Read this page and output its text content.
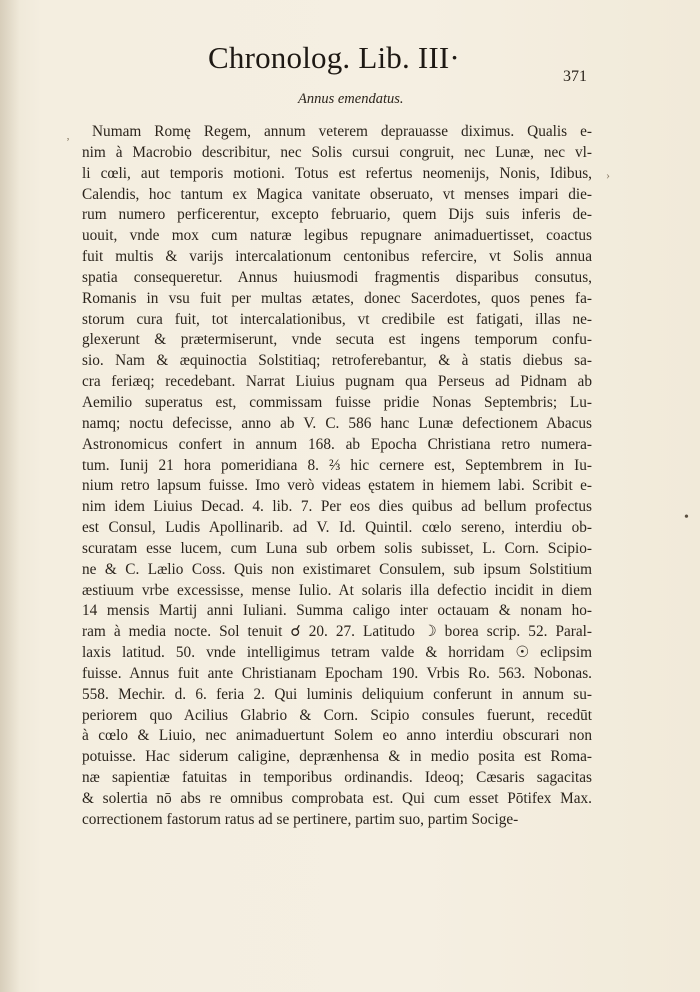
Chronolog. Lib. III·
371
Annus emendatus.
‚
›
•
Numam Romę Regem, annum veterem deprauasse diximus. Qualis e-
nim à Macrobio describitur, nec Solis cursui congruit, nec Lunæ, nec vl-
li cœli, aut temporis motioni. Totus est refertus neomenijs, Nonis, Idibus,
Calendis, hoc tantum ex Magica vanitate obseruato, vt menses impari die-
rum numero perficerentur, excepto februario, quem Dijs suis inferis de-
uouit, vnde mox cum naturæ legibus repugnare animaduertisset, coactus
fuit multis & varijs intercalationum centonibus refercire, vt Solis annua
spatia consequeretur. Annus huiusmodi fragmentis disparibus consutus,
Romanis in vsu fuit per multas ætates, donec Sacerdotes, quos penes fa-
storum cura fuit, tot intercalationibus, vt credibile est fatigati, illas ne-
glexerunt & prætermiserunt, vnde secuta est ingens temporum confu-
sio. Nam & æquinoctia Solstitiaq; retroferebantur, & à statis diebus sa-
cra feriæq; recedebant. Narrat Liuius pugnam qua Perseus ad Pidnam ab
Aemilio superatus est, commissam fuisse pridie Nonas Septembris; Lu-
namq; noctu defecisse, anno ab V. C. 586 hanc Lunæ defectionem Abacus
Astronomicus confert in annum 168. ab Epocha Christiana retro numera-
tum. Iunij 21 hora pomeridiana 8. ⅔ hic cernere est, Septembrem in Iu-
nium retro lapsum fuisse. Imo verò videas ęstatem in hiemem labi. Scribit e-
nim idem Liuius Decad. 4. lib. 7. Per eos dies quibus ad bellum profectus
est Consul, Ludis Apollinarib. ad V. Id. Quintil. cœlo sereno, interdiu ob-
scuratam esse lucem, cum Luna sub orbem solis subisset, L. Corn. Scipio-
ne & C. Lælio Coss. Quis non existimaret Consulem, sub ipsum Solstitium
æstiuum vrbe excessisse, mense Iulio. At solaris illa defectio incidit in diem
14 mensis Martij anni Iuliani. Summa caligo inter octauam & nonam ho-
ram à media nocte. Sol tenuit ☌ 20. 27. Latitudo ☽ borea scrip. 52. Paral-
laxis latitud. 50. vnde intelligimus tetram valde & horridam ☉ eclipsim
fuisse. Annus fuit ante Christianam Epocham 190. Vrbis Ro. 563. Nobonas.
558. Mechir. d. 6. feria 2. Qui luminis deliquium conferunt in annum su-
periorem quo Acilius Glabrio & Corn. Scipio consules fuerunt, recedūt
à cœlo & Liuio, nec animaduertunt Solem eo anno interdiu obscurari non
potuisse. Hac siderum caligine, deprænhensa & in medio posita est Roma-
næ sapientiæ fatuitas in temporibus ordinandis. Ideoq; Cæsaris sagacitas
& solertia nō abs re omnibus comprobata est. Qui cum esset Pōtifex Max.
correctionem fastorum ratus ad se pertinere, partim suo, partim Socige-
